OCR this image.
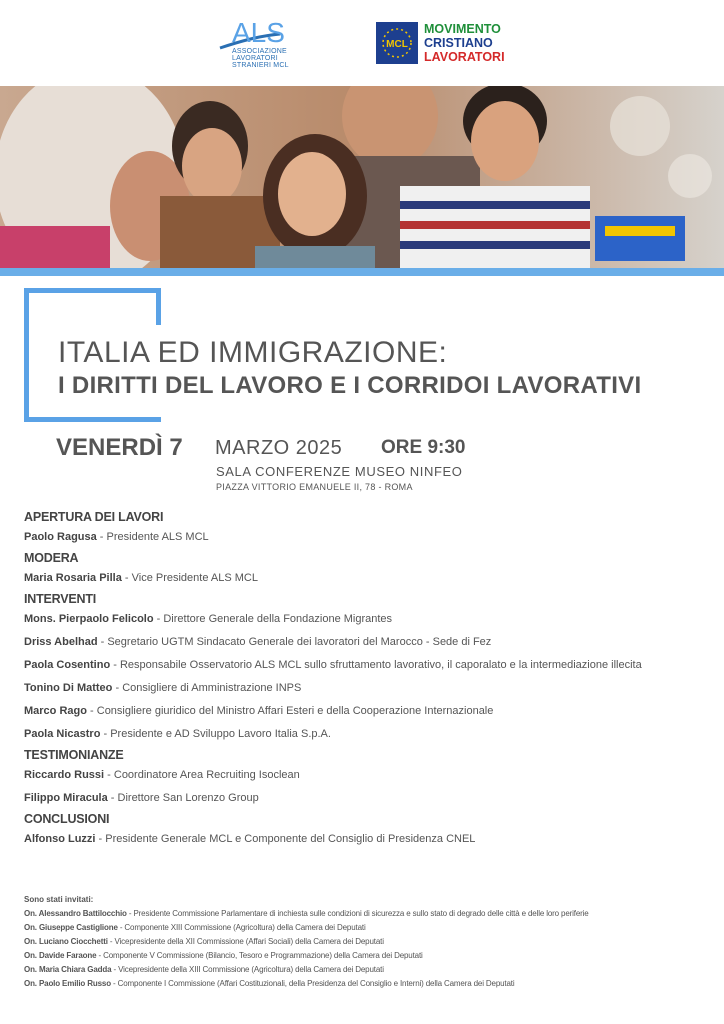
ALS
ASSOCIAZIONE
LAVORATORI
STRANIERI MCL
MCL
MOVIMENTO
CRISTIANO
LAVORATORI
ITALIA ED IMMIGRAZIONE:
I DIRITTI DEL LAVORO E I CORRIDOI LAVORATIVI
VENERDÌ 7 MARZO 2025 ORE 9:30
SALA CONFERENZE MUSEO NINFEO
PIAZZA VITTORIO EMANUELE II, 78 - ROMA
APERTURA DEI LAVORI
Paolo Ragusa - Presidente ALS MCL
MODERA
Maria Rosaria Pilla - Vice Presidente ALS MCL
INTERVENTI
Mons. Pierpaolo Felicolo - Direttore Generale della Fondazione Migrantes
Driss Abelhad - Segretario UGTM Sindacato Generale dei lavoratori del Marocco - Sede di Fez
Paola Cosentino - Responsabile Osservatorio ALS MCL sullo sfruttamento lavorativo, il caporalato e la intermediazione illecita
Tonino Di Matteo - Consigliere di Amministrazione INPS
Marco Rago - Consigliere giuridico del Ministro Affari Esteri e della Cooperazione Internazionale
Paola Nicastro - Presidente e AD Sviluppo Lavoro Italia S.p.A.
TESTIMONIANZE
Riccardo Russi - Coordinatore Area Recruiting Isoclean
Filippo Miracula - Direttore San Lorenzo Group
CONCLUSIONI
Alfonso Luzzi - Presidente Generale MCL e Componente del Consiglio di Presidenza CNEL
Sono stati invitati:
On. Alessandro Battilocchio - Presidente Commissione Parlamentare di inchiesta sulle condizioni di sicurezza e sullo stato di degrado delle città e delle loro periferie
On. Giuseppe Castiglione - Componente XIII Commissione (Agricoltura) della Camera dei Deputati
On. Luciano Ciocchetti - Vicepresidente della XII Commissione (Affari Sociali) della Camera dei Deputati
On. Davide Faraone - Componente V Commissione (Bilancio, Tesoro e Programmazione) della Camera dei Deputati
On. Maria Chiara Gadda - Vicepresidente della XIII Commissione (Agricoltura) della Camera dei Deputati
On. Paolo Emilio Russo - Componente I Commissione (Affari Costituzionali, della Presidenza del Consiglio e Interni) della Camera dei Deputati
